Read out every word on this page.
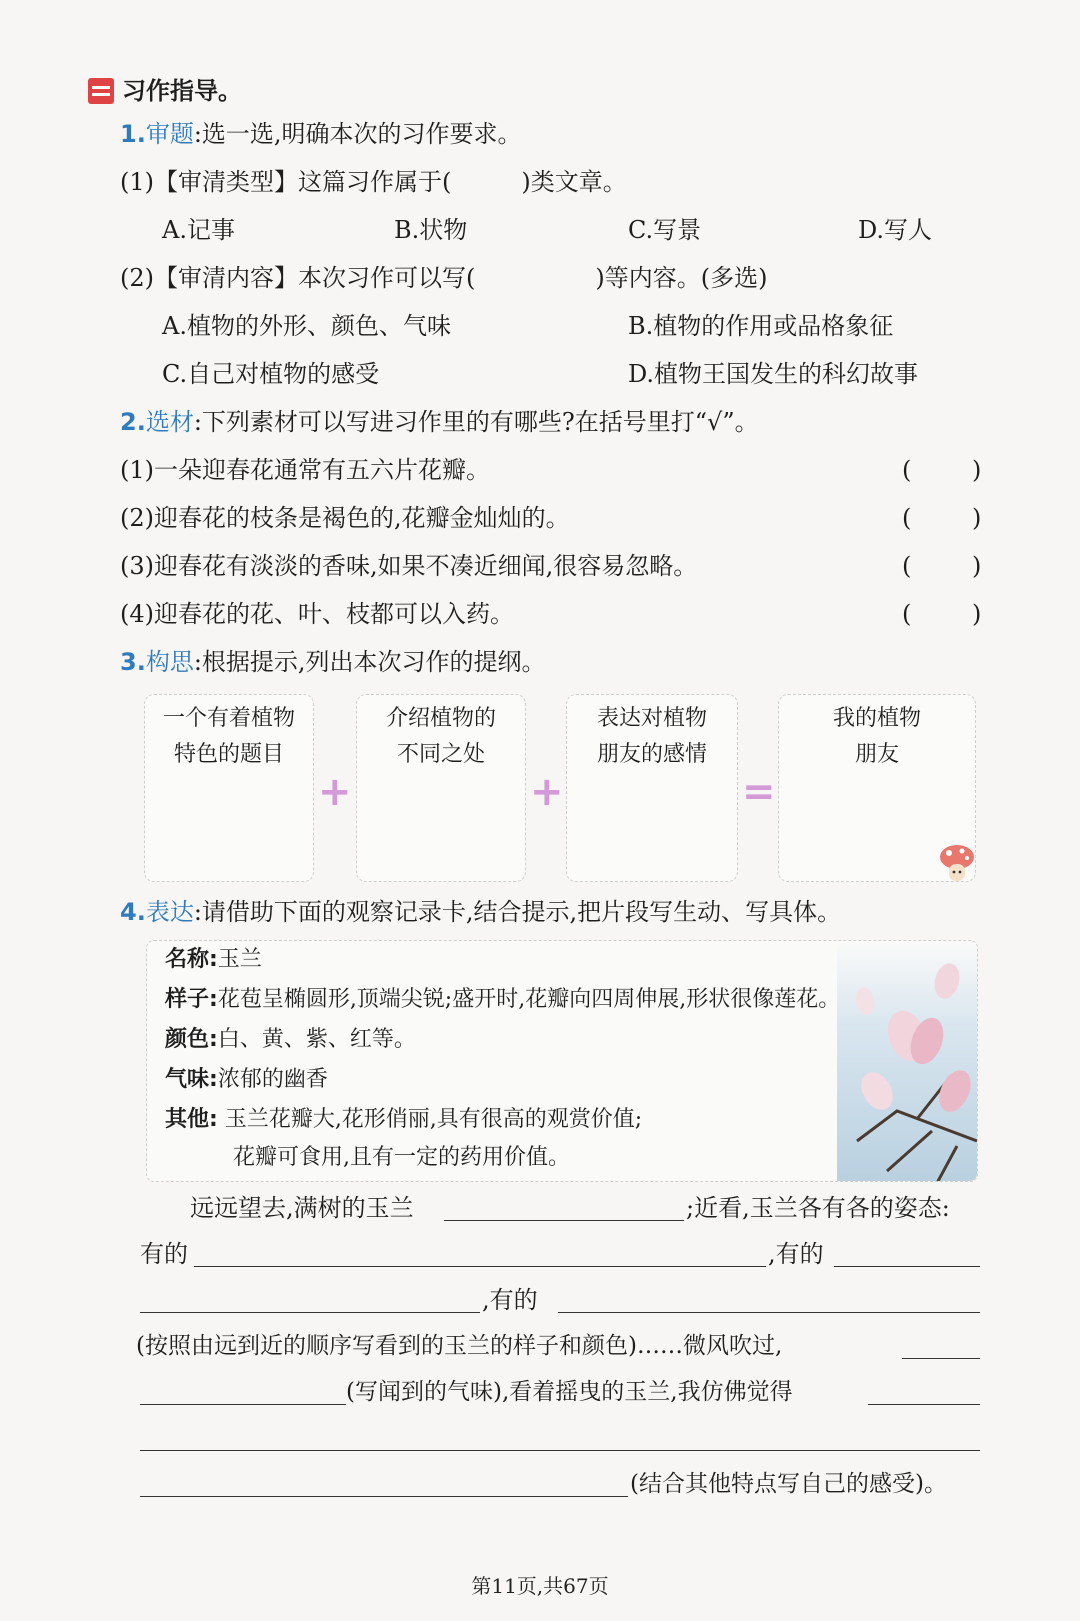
习作指导。
1.审题:选一选,明确本次的习作要求。
(1)【审清类型】这篇习作属于(	)类文章。
A.记事	B.状物	C.写景	D.写人
(2)【审清内容】本次习作可以写(	)等内容。(多选)
A.植物的外形、颜色、气味	B.植物的作用或品格象征
C.自己对植物的感受	D.植物王国发生的科幻故事
2.选材:下列素材可以写进习作里的有哪些?在括号里打“√”。
(1)一朵迎春花通常有五六片花瓣。	(	)
(2)迎春花的枝条是褐色的,花瓣金灿灿的。	(	)
(3)迎春花有淡淡的香味,如果不凑近细闻,很容易忽略。	(	)
(4)迎春花的花、叶、枝都可以入药。	(	)
3.构思:根据提示,列出本次习作的提纲。
一个有着植物
特色的题目
+
介绍植物的
不同之处
+
表达对植物
朋友的感情
=
我的植物
朋友
4.表达:请借助下面的观察记录卡,结合提示,把片段写生动、写具体。
名称:玉兰
样子:花苞呈椭圆形,顶端尖锐;盛开时,花瓣向四周伸展,形状很像莲花。
颜色:白、黄、紫、红等。
气味:浓郁的幽香
其他: 玉兰花瓣大,花形俏丽,具有很高的观赏价值;
花瓣可食用,且有一定的药用价值。
远远望去,满树的玉兰	;近看,玉兰各有各的姿态:
有的	,有的
,有的
(按照由远到近的顺序写看到的玉兰的样子和颜色)……微风吹过,
(写闻到的气味),看着摇曳的玉兰,我仿佛觉得
(结合其他特点写自己的感受)。
第11页,共67页
